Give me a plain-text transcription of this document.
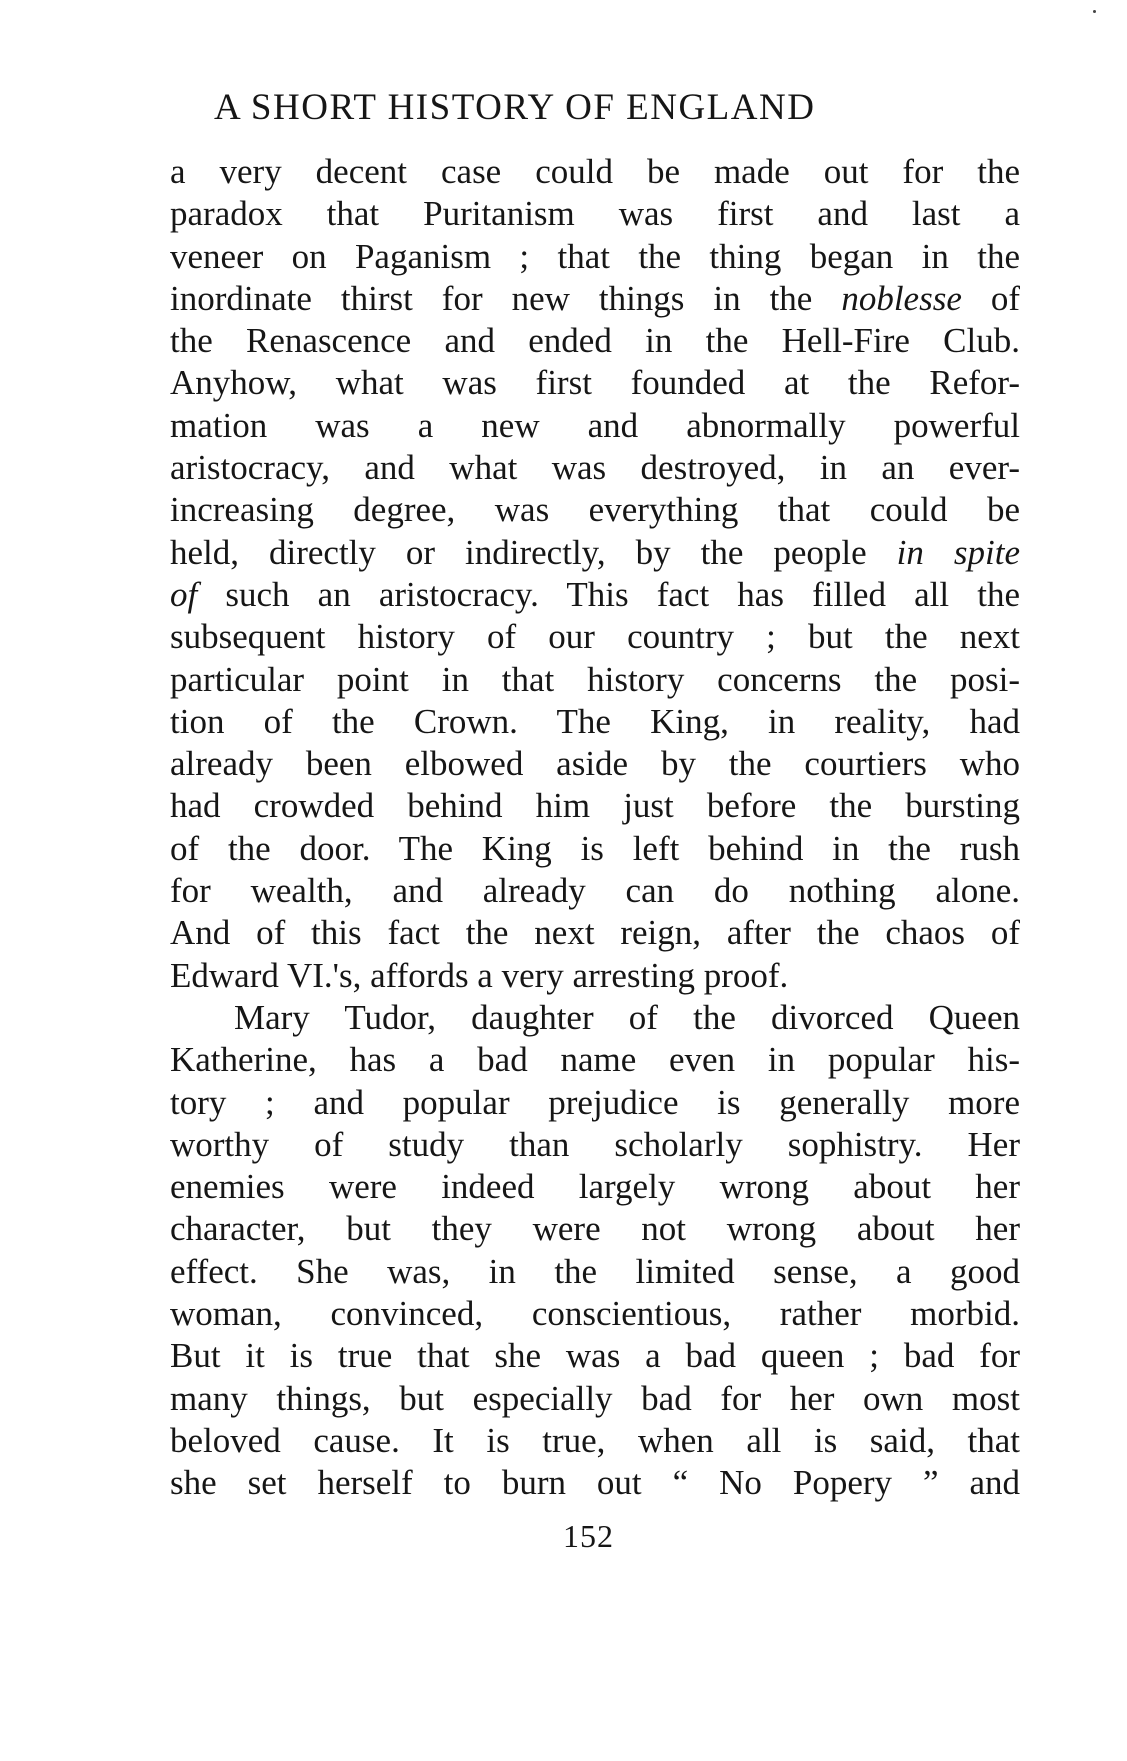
A SHORT HISTORY OF ENGLAND
a very decent case could be made out for the
paradox that Puritanism was first and last a
veneer on Paganism ; that the thing began in the
inordinate thirst for new things in the noblesse of
the Renascence and ended in the Hell-Fire Club.
Anyhow, what was first founded at the Refor-
mation was a new and abnormally powerful
aristocracy, and what was destroyed, in an ever-
increasing degree, was everything that could be
held, directly or indirectly, by the people in spite
of such an aristocracy. This fact has filled all the
subsequent history of our country ; but the next
particular point in that history concerns the posi-
tion of the Crown. The King, in reality, had
already been elbowed aside by the courtiers who
had crowded behind him just before the bursting
of the door. The King is left behind in the rush
for wealth, and already can do nothing alone.
And of this fact the next reign, after the chaos of
Edward VI.'s, affords a very arresting proof.
Mary Tudor, daughter of the divorced Queen
Katherine, has a bad name even in popular his-
tory ; and popular prejudice is generally more
worthy of study than scholarly sophistry. Her
enemies were indeed largely wrong about her
character, but they were not wrong about her
effect. She was, in the limited sense, a good
woman, convinced, conscientious, rather morbid.
But it is true that she was a bad queen ; bad for
many things, but especially bad for her own most
beloved cause. It is true, when all is said, that
she set herself to burn out “ No Popery ” and
152
